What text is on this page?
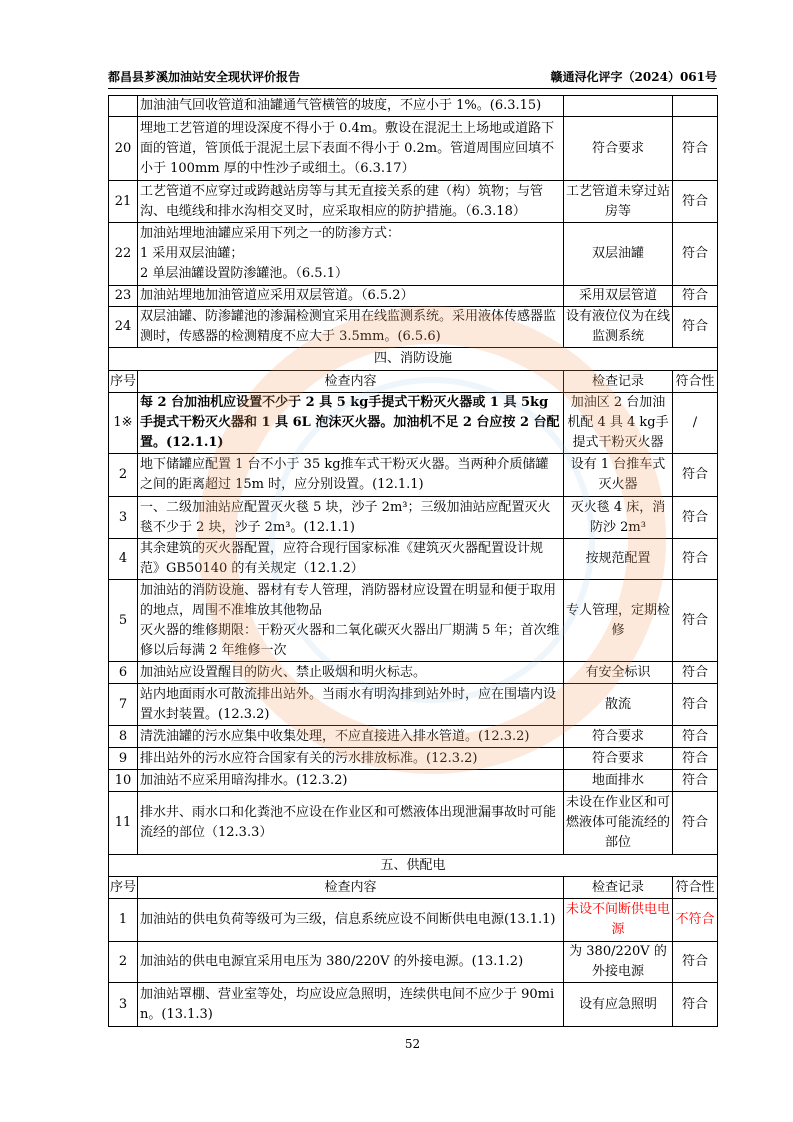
都昌县芗溪加油站安全现状评价报告	赣通浔化评字（2024）061号
	加油油气回收管道和油罐通气管横管的坡度，不应小于 1%。(6.3.15)		
20	埋地工艺管道的埋设深度不得小于 0.4m。敷设在混泥土上场地或道路下面的管道，管顶低于混泥土层下表面不得小于 0.2m。管道周围应回填不小于 100mm 厚的中性沙子或细土。（6.3.17）	符合要求	符合
21	工艺管道不应穿过或跨越站房等与其无直接关系的建（构）筑物；与管沟、电缆线和排水沟相交叉时，应采取相应的防护措施。（6.3.18）	工艺管道未穿过站房等	符合
22	加油站埋地油罐应采用下列之一的防渗方式：
1 采用双层油罐；
2 单层油罐设置防渗罐池。（6.5.1）	双层油罐	符合
23	加油站埋地加油管道应采用双层管道。（6.5.2）	采用双层管道	符合
24	双层油罐、防渗罐池的渗漏检测宜采用在线监测系统。采用液体传感器监测时，传感器的检测精度不应大于 3.5mm。(6.5.6)	设有液位仪为在线监测系统	符合
四、消防设施			
序号	检查内容	检查记录	符合性
1※	每 2 台加油机应设置不少于 2 具 5 kg手提式干粉灭火器或 1 具 5kg 手提式干粉灭火器和 1 具 6L 泡沫灭火器。加油机不足 2 台应按 2 台配置。(12.1.1)	加油区 2 台加油机配 4 具 4 kg手提式干粉灭火器	/
2	地下储罐应配置 1 台不小于 35 kg推车式干粉灭火器。当两种介质储罐之间的距离超过 15m 时，应分别设置。(12.1.1)	设有 1 台推车式灭火器	符合
3	一、二级加油站应配置灭火毯 5 块，沙子 2m³；三级加油站应配置灭火毯不少于 2 块，沙子 2m³。(12.1.1)	灭火毯 4 床，消防沙 2m³	符合
4	其余建筑的灭火器配置，应符合现行国家标准《建筑灭火器配置设计规范》GB50140 的有关规定（12.1.2）	按规范配置	符合
5	加油站的消防设施、器材有专人管理，消防器材应设置在明显和便于取用的地点，周围不准堆放其他物品
灭火器的维修期限：干粉灭火器和二氧化碳灭火器出厂期满 5 年；首次维修以后每满 2 年维修一次	专人管理，定期检修	符合
6	加油站应设置醒目的防火、禁止吸烟和明火标志。	有安全标识	符合
7	站内地面雨水可散流排出站外。当雨水有明沟排到站外时，应在围墙内设置水封装置。(12.3.2)	散流	符合
8	清洗油罐的污水应集中收集处理，不应直接进入排水管道。(12.3.2)	符合要求	符合
9	排出站外的污水应符合国家有关的污水排放标准。(12.3.2)	符合要求	符合
10	加油站不应采用暗沟排水。(12.3.2)	地面排水	符合
11	排水井、雨水口和化粪池不应设在作业区和可燃液体出现泄漏事故时可能流经的部位（12.3.3）	未设在作业区和可燃液体可能流经的部位	符合
五、供配电			
序号	检查内容	检查记录	符合性
1	加油站的供电负荷等级可为三级，信息系统应设不间断供电电源(13.1.1)	未设不间断供电电源	不符合
2	加油站的供电电源宜采用电压为 380/220V 的外接电源。(13.1.2)	为 380/220V 的外接电源	符合
3	加油站罩棚、营业室等处，均应设应急照明，连续供电间不应少于 90min。(13.1.3)	设有应急照明	符合
52
